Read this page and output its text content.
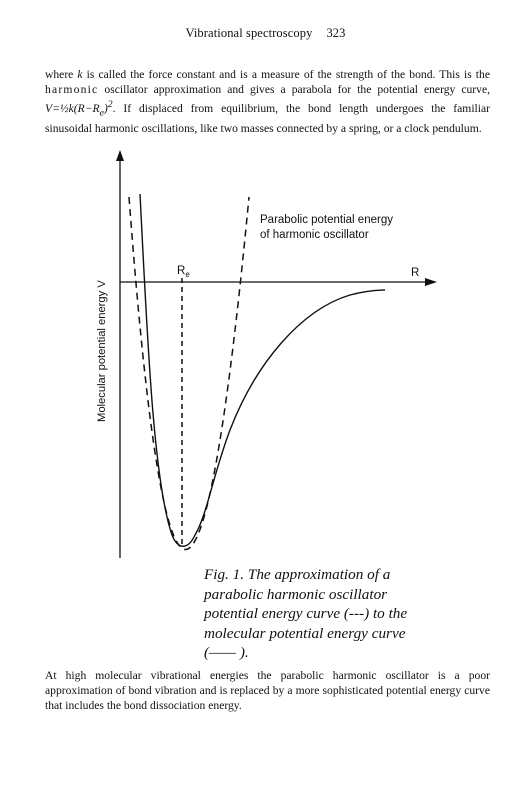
Vibrational spectroscopy 323
where k is called the force constant and is a measure of the strength of the bond. This is the harmonic oscillator approximation and gives a parabola for the potential energy curve, $V=\frac{1}{2}k(R-R_e)^2$. If displaced from equilibrium, the bond length undergoes the familiar sinusoidal harmonic oscillations, like two masses connected by a spring, or a clock pendulum.
Molecular potential energy V
R
$R_e$
Parabolic potential energy
of harmonic oscillator
Fig. 1. The approximation of a parabolic harmonic oscillator potential energy curve (---) to the molecular potential energy curve (—— ).
At high molecular vibrational energies the parabolic harmonic oscillator is a poor approximation of bond vibration and is replaced by a more sophisticated potential energy curve that includes the bond dissociation energy.
